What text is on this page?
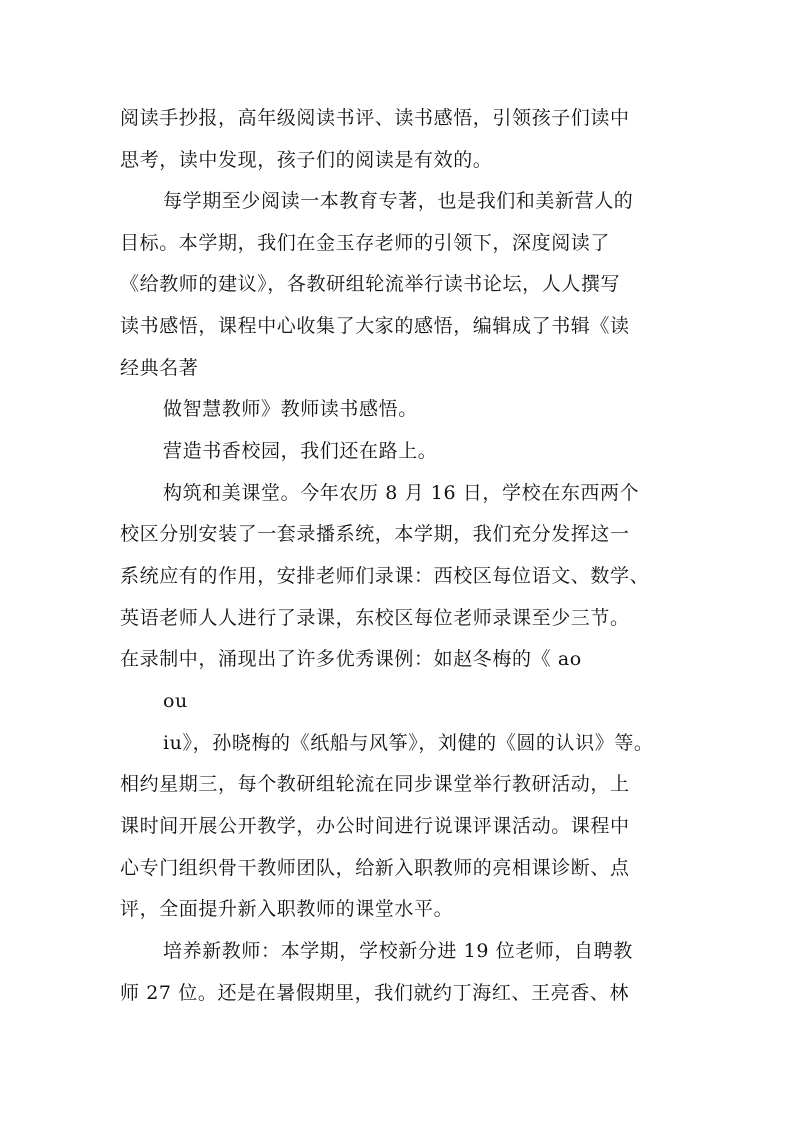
阅读手抄报，高年级阅读书评、读书感悟，引领孩子们读中
思考，读中发现，孩子们的阅读是有效的。
每学期至少阅读一本教育专著，也是我们和美新营人的
目标。本学期，我们在金玉存老师的引领下，深度阅读了
《给教师的建议》，各教研组轮流举行读书论坛，人人撰写
读书感悟，课程中心收集了大家的感悟，编辑成了书辑《读
经典名著
做智慧教师》教师读书感悟。
营造书香校园，我们还在路上。
构筑和美课堂。今年农历 8 月 16 日，学校在东西两个
校区分别安装了一套录播系统，本学期，我们充分发挥这一
系统应有的作用，安排老师们录课：西校区每位语文、数学、
英语老师人人进行了录课，东校区每位老师录课至少三节。
在录制中，涌现出了许多优秀课例：如赵冬梅的《 ao
ou
iu》，孙晓梅的《纸船与风筝》，刘健的《圆的认识》等。
相约星期三，每个教研组轮流在同步课堂举行教研活动，上
课时间开展公开教学，办公时间进行说课评课活动。课程中
心专门组织骨干教师团队，给新入职教师的亮相课诊断、点
评，全面提升新入职教师的课堂水平。
培养新教师：本学期，学校新分进 19 位老师，自聘教
师 27 位。还是在暑假期里，我们就约丁海红、王亮香、林
